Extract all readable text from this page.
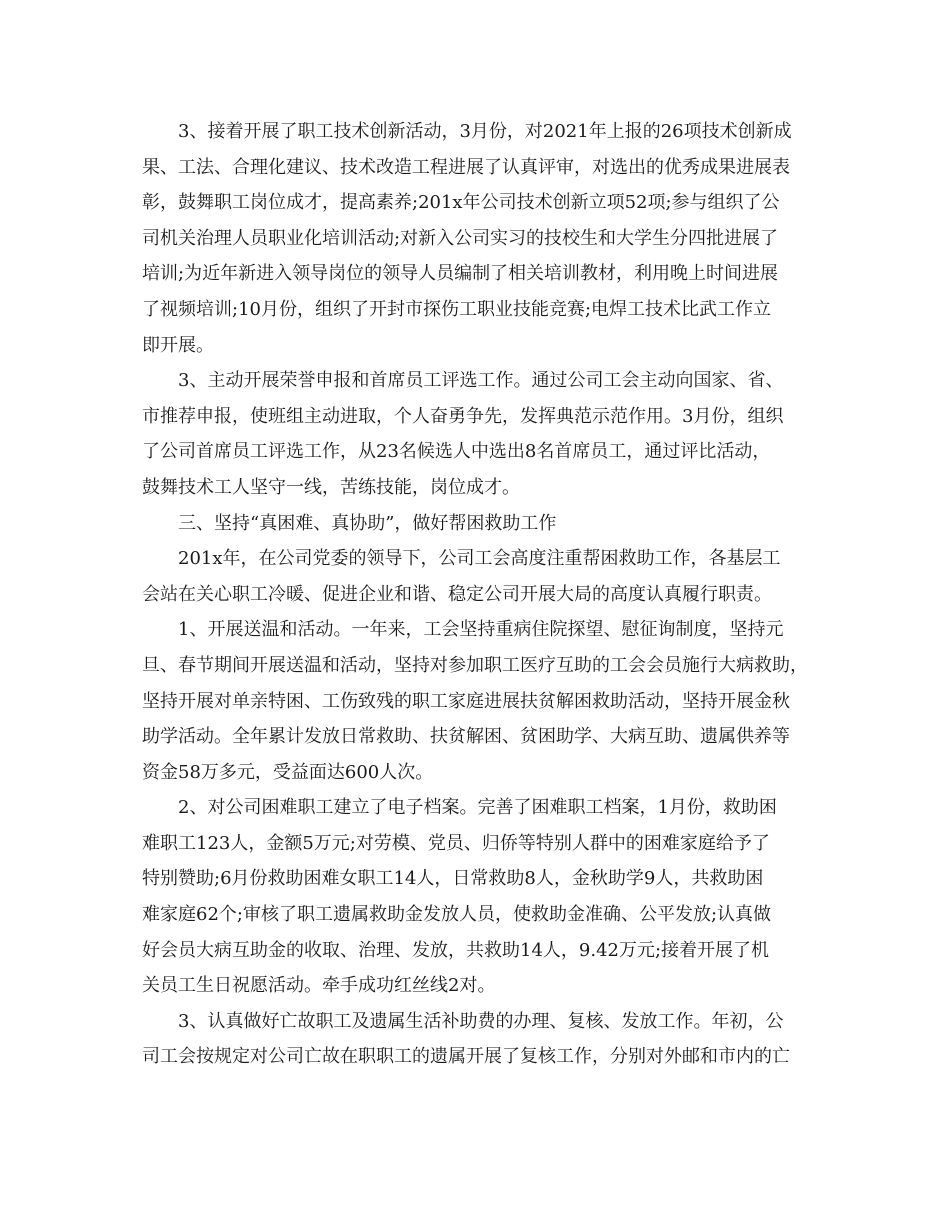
3、接着开展了职工技术创新活动，3月份，对2021年上报的26项技术创新成
果、工法、合理化建议、技术改造工程进展了认真评审，对选出的优秀成果进展表
彰，鼓舞职工岗位成才，提高素养;201x年公司技术创新立项52项;参与组织了公
司机关治理人员职业化培训活动;对新入公司实习的技校生和大学生分四批进展了
培训;为近年新进入领导岗位的领导人员编制了相关培训教材，利用晚上时间进展
了视频培训;10月份，组织了开封市探伤工职业技能竞赛;电焊工技术比武工作立
即开展。
3、主动开展荣誉申报和首席员工评选工作。通过公司工会主动向国家、省、
市推荐申报，使班组主动进取，个人奋勇争先，发挥典范示范作用。3月份，组织
了公司首席员工评选工作，从23名候选人中选出8名首席员工，通过评比活动，
鼓舞技术工人坚守一线，苦练技能，岗位成才。
三、坚持“真困难、真协助”，做好帮困救助工作
201x年，在公司党委的领导下，公司工会高度注重帮困救助工作，各基层工
会站在关心职工冷暖、促进企业和谐、稳定公司开展大局的高度认真履行职责。
1、开展送温和活动。一年来，工会坚持重病住院探望、慰征询制度，坚持元
旦、春节期间开展送温和活动，坚持对参加职工医疗互助的工会会员施行大病救助，
坚持开展对单亲特困、工伤致残的职工家庭进展扶贫解困救助活动，坚持开展金秋
助学活动。全年累计发放日常救助、扶贫解困、贫困助学、大病互助、遗属供养等
资金58万多元，受益面达600人次。
2、对公司困难职工建立了电子档案。完善了困难职工档案，1月份，救助困
难职工123人，金额5万元;对劳模、党员、归侨等特别人群中的困难家庭给予了
特别赞助;6月份救助困难女职工14人，日常救助8人，金秋助学9人，共救助困
难家庭62个;审核了职工遗属救助金发放人员，使救助金准确、公平发放;认真做
好会员大病互助金的收取、治理、发放，共救助14人，9.42万元;接着开展了机
关员工生日祝愿活动。牵手成功红丝线2对。
3、认真做好亡故职工及遗属生活补助费的办理、复核、发放工作。年初，公
司工会按规定对公司亡故在职职工的遗属开展了复核工作，分别对外邮和市内的亡
